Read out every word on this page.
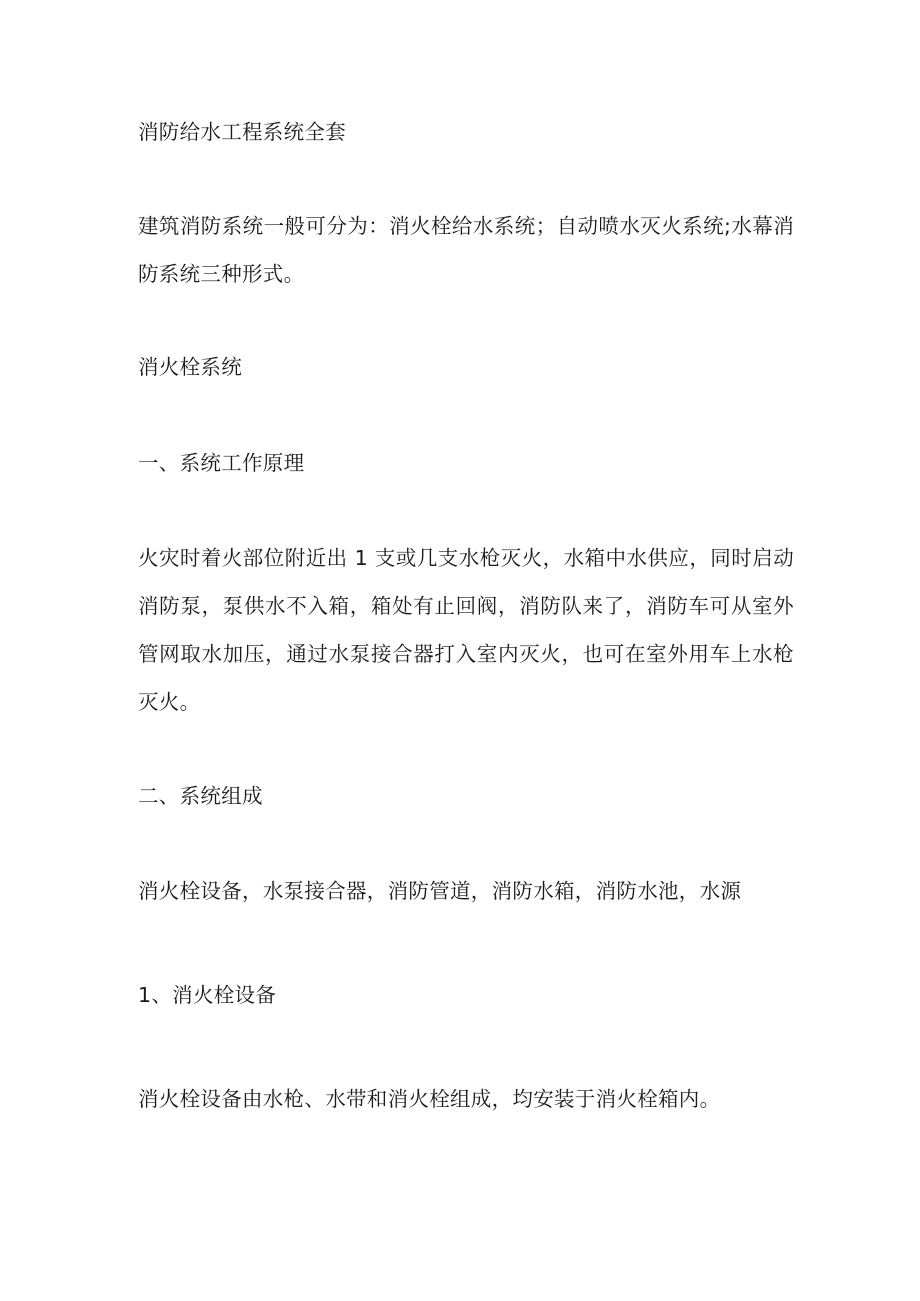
消防给水工程系统全套
建筑消防系统一般可分为：消火栓给水系统；自动喷水灭火系统;水幕消防系统三种形式。
消火栓系统
一、系统工作原理
火灾时着火部位附近出 1 支或几支水枪灭火，水箱中水供应，同时启动消防泵，泵供水不入箱，箱处有止回阀，消防队来了，消防车可从室外管网取水加压，通过水泵接合器打入室内灭火，也可在室外用车上水枪灭火。
二、系统组成
消火栓设备，水泵接合器，消防管道，消防水箱，消防水池，水源
1、消火栓设备
消火栓设备由水枪、水带和消火栓组成，均安装于消火栓箱内。
